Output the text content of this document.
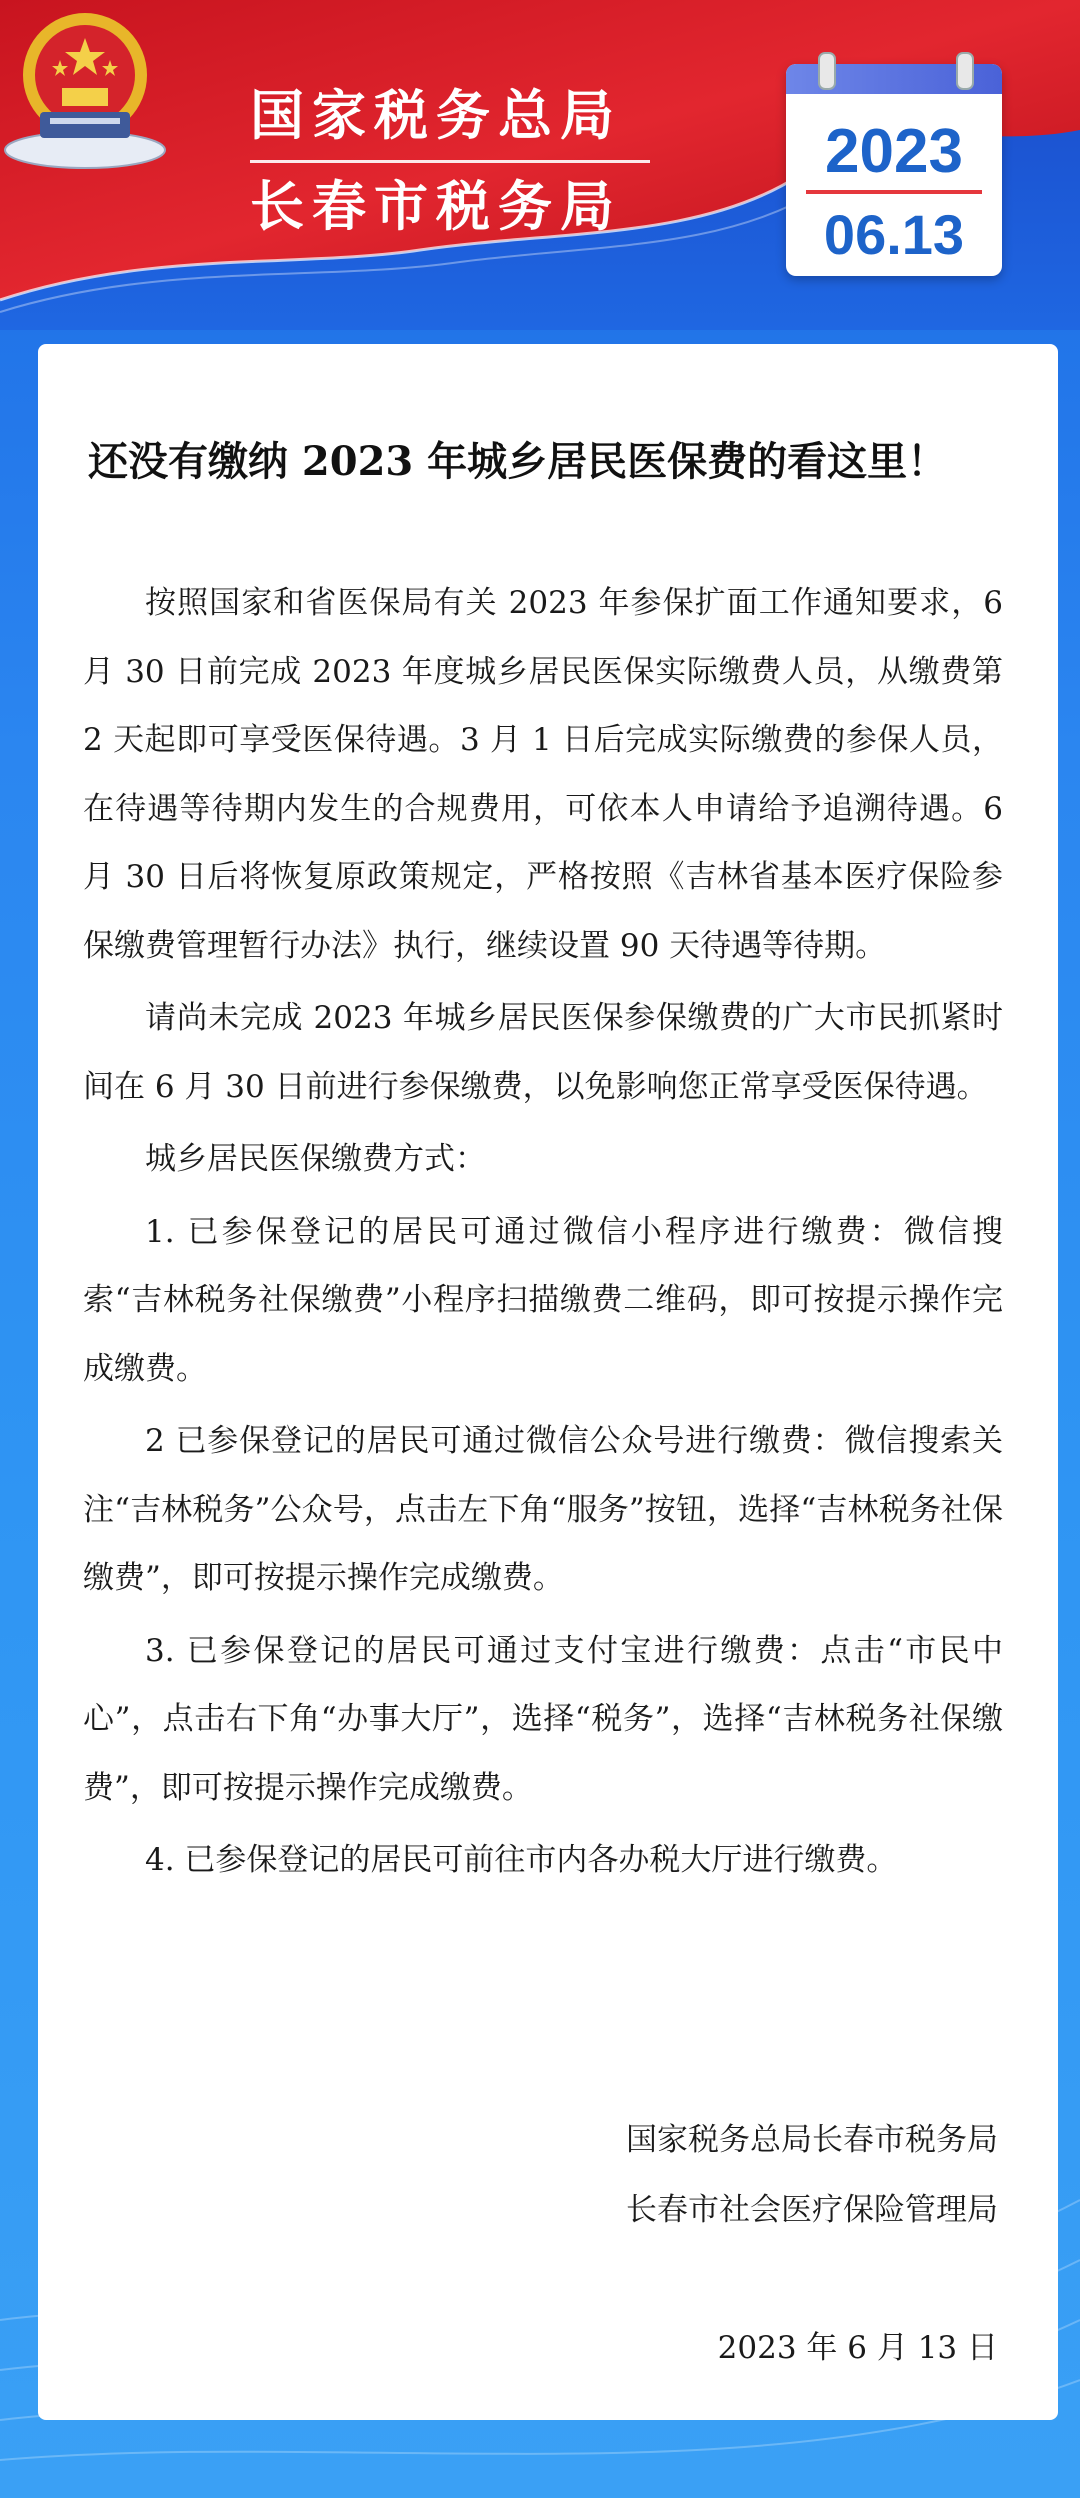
国家税务总局
长春市税务局
2023
06.13
还没有缴纳 2023 年城乡居民医保费的看这里！

按照国家和省医保局有关 2023 年参保扩面工作通知要求，6 月 30 日前完成 2023 年度城乡居民医保实际缴费人员，从缴费第 2 天起即可享受医保待遇。3 月 1 日后完成实际缴费的参保人员，在待遇等待期内发生的合规费用，可依本人申请给予追溯待遇。6 月 30 日后将恢复原政策规定，严格按照《吉林省基本医疗保险参保缴费管理暂行办法》执行，继续设置 90 天待遇等待期。

请尚未完成 2023 年城乡居民医保参保缴费的广大市民抓紧时间在 6 月 30 日前进行参保缴费，以免影响您正常享受医保待遇。

城乡居民医保缴费方式：

1. 已参保登记的居民可通过微信小程序进行缴费：微信搜索“吉林税务社保缴费”小程序扫描缴费二维码，即可按提示操作完成缴费。

2 已参保登记的居民可通过微信公众号进行缴费：微信搜索关注“吉林税务”公众号，点击左下角“服务”按钮，选择“吉林税务社保缴费”，即可按提示操作完成缴费。

3. 已参保登记的居民可通过支付宝进行缴费：点击“市民中心”，点击右下角“办事大厅”，选择“税务”，选择“吉林税务社保缴费”，即可按提示操作完成缴费。

4. 已参保登记的居民可前往市内各办税大厅进行缴费。

国家税务总局长春市税务局
长春市社会医疗保险管理局
2023 年 6 月 13 日
